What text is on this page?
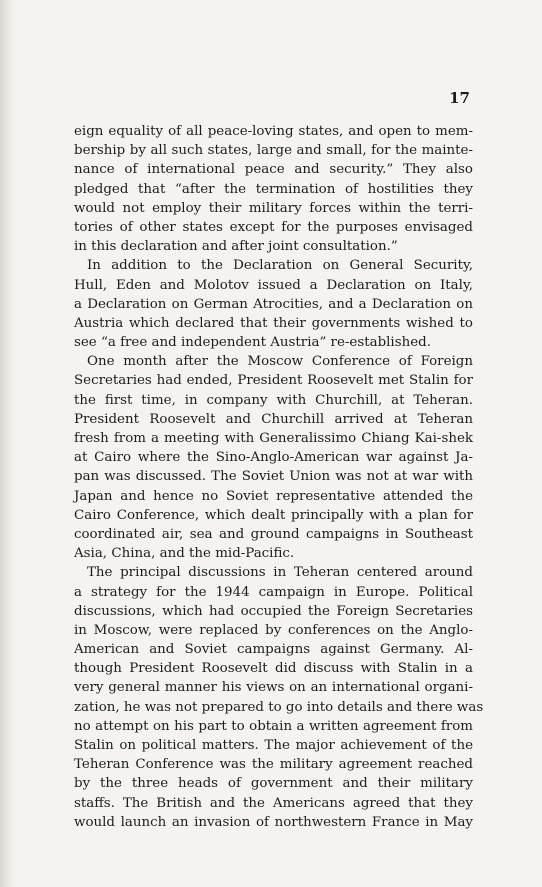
17
eign equality of all peace-loving states, and open to mem-
bership by all such states, large and small, for the mainte-
nance of international peace and security.” They also
pledged that “after the termination of hostilities they
would not employ their military forces within the terri-
tories of other states except for the purposes envisaged
in this declaration and after joint consultation.”
In addition to the Declaration on General Security,
Hull, Eden and Molotov issued a Declaration on Italy,
a Declaration on German Atrocities, and a Declaration on
Austria which declared that their governments wished to
see “a free and independent Austria” re-established.
One month after the Moscow Conference of Foreign
Secretaries had ended, President Roosevelt met Stalin for
the first time, in company with Churchill, at Teheran.
President Roosevelt and Churchill arrived at Teheran
fresh from a meeting with Generalissimo Chiang Kai-shek
at Cairo where the Sino-Anglo-American war against Ja-
pan was discussed. The Soviet Union was not at war with
Japan and hence no Soviet representative attended the
Cairo Conference, which dealt principally with a plan for
coordinated air, sea and ground campaigns in Southeast
Asia, China, and the mid-Pacific.
The principal discussions in Teheran centered around
a strategy for the 1944 campaign in Europe. Political
discussions, which had occupied the Foreign Secretaries
in Moscow, were replaced by conferences on the Anglo-
American and Soviet campaigns against Germany. Al-
though President Roosevelt did discuss with Stalin in a
very general manner his views on an international organi-
zation, he was not prepared to go into details and there was
no attempt on his part to obtain a written agreement from
Stalin on political matters. The major achievement of the
Teheran Conference was the military agreement reached
by the three heads of government and their military
staffs. The British and the Americans agreed that they
would launch an invasion of northwestern France in May
